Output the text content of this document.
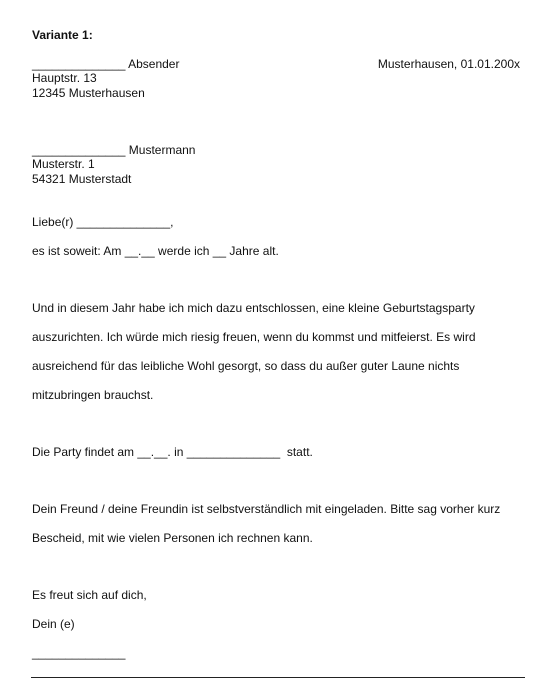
Variante 1:
______________ Absender	Musterhausen, 01.01.200x
Hauptstr. 13
12345 Musterhausen
______________ Mustermann
Musterstr. 1
54321 Musterstadt
Liebe(r) ______________,
es ist soweit: Am __.__ werde ich __ Jahre alt.
Und in diesem Jahr habe ich mich dazu entschlossen, eine kleine Geburtstagsparty
auszurichten. Ich würde mich riesig freuen, wenn du kommst und mitfeierst. Es wird
ausreichend für das leibliche Wohl gesorgt, so dass du außer guter Laune nichts
mitzubringen brauchst.
Die Party findet am __.__. in ______________  statt.
Dein Freund / deine Freundin ist selbstverständlich mit eingeladen. Bitte sag vorher kurz
Bescheid, mit wie vielen Personen ich rechnen kann.
Es freut sich auf dich,
Dein (e)
______________
